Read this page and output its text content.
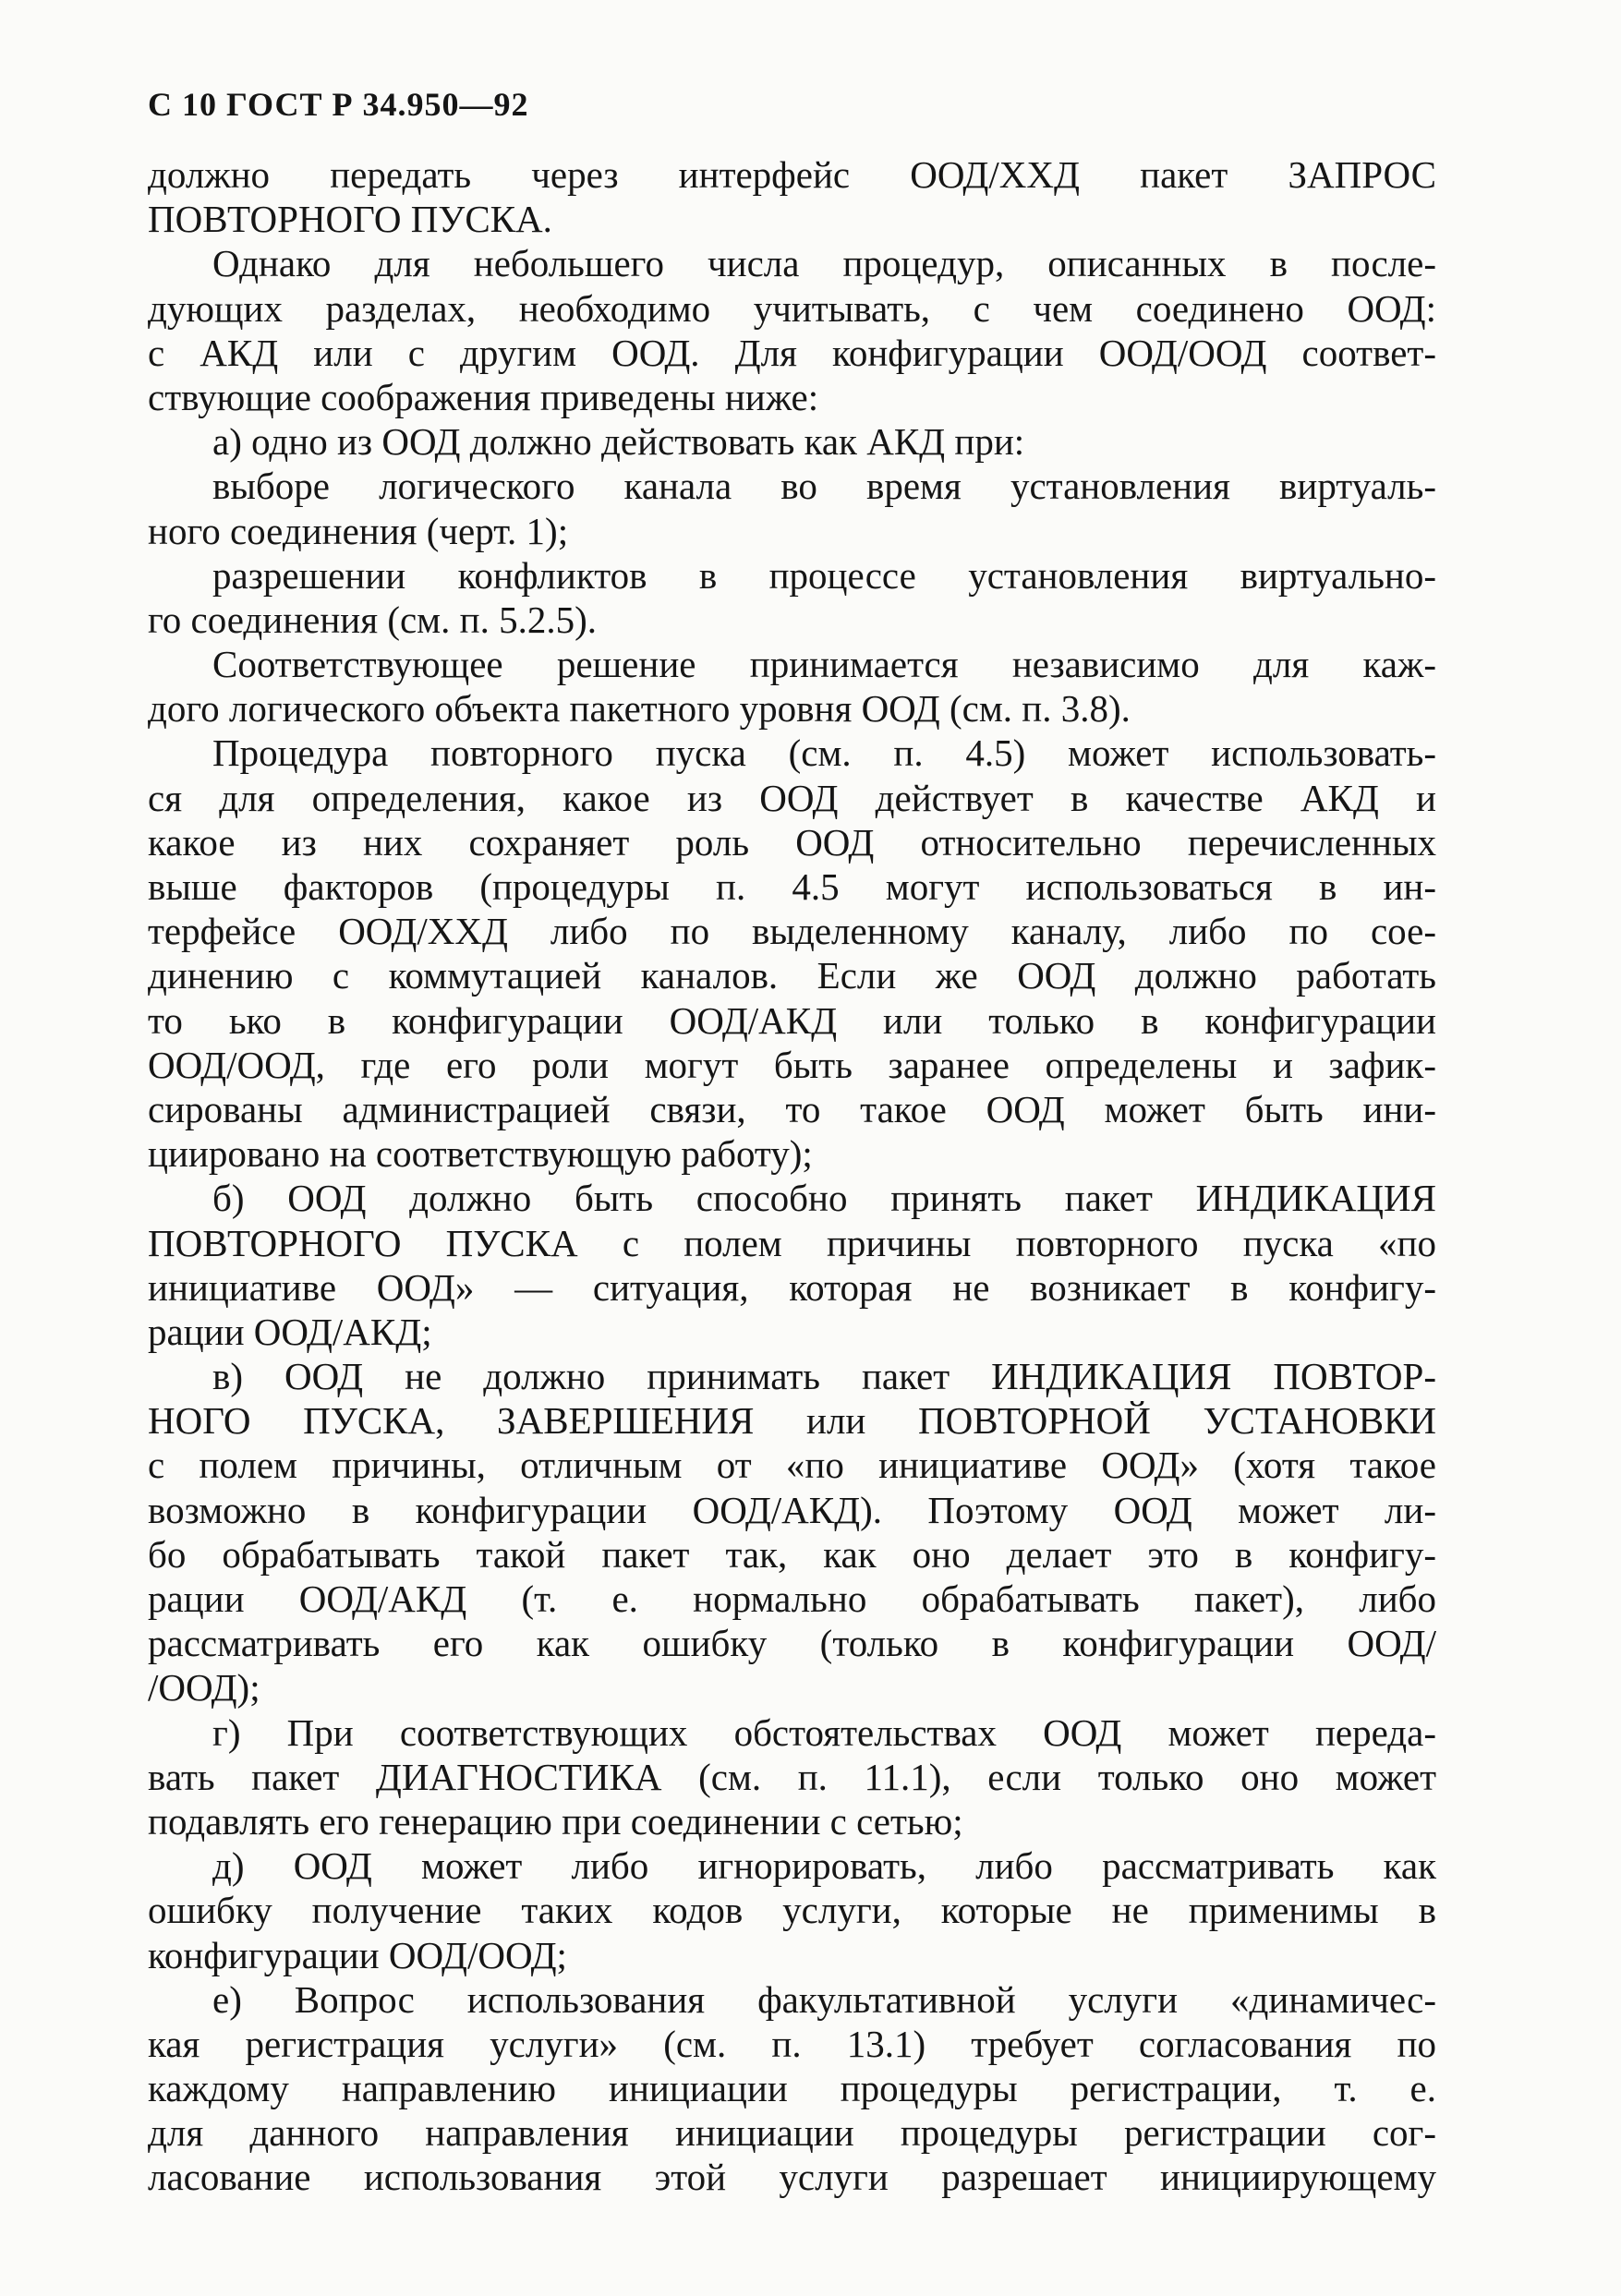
С 10 ГОСТ Р 34.950—92
должно передать через интерфейс ООД/ХХД пакет ЗАПРОС
ПОВТОРНОГО ПУСКА.
Однако для небольшего числа процедур, описанных в после-
дующих разделах, необходимо учитывать, с чем соединено ООД:
с АКД или с другим ООД. Для конфигурации ООД/ООД соответ-
ствующие соображения приведены ниже:
а) одно из ООД должно действовать как АКД при:
выборе логического канала во время установления виртуаль-
ного соединения (черт. 1);
разрешении конфликтов в процессе установления виртуально-
го соединения (см. п. 5.2.5).
Соответствующее решение принимается независимо для каж-
дого логического объекта пакетного уровня ООД (см. п. 3.8).
Процедура повторного пуска (см. п. 4.5) может использовать-
ся для определения, какое из ООД действует в качестве АКД и
какое из них сохраняет роль ООД относительно перечисленных
выше факторов (процедуры п. 4.5 могут использоваться в ин-
терфейсе ООД/ХХД либо по выделенному каналу, либо по сое-
динению с коммутацией каналов. Если же ООД должно работать
то ько в конфигурации ООД/АКД или только в конфигурации
ООД/ООД, где его роли могут быть заранее определены и зафик-
сированы администрацией связи, то такое ООД может быть ини-
циировано на соответствующую работу);
б) ООД должно быть способно принять пакет ИНДИКАЦИЯ
ПОВТОРНОГО ПУСКА с полем причины повторного пуска «по
инициативе ООД» — ситуация, которая не возникает в конфигу-
рации ООД/АКД;
в) ООД не должно принимать пакет ИНДИКАЦИЯ ПОВТОР-
НОГО ПУСКА, ЗАВЕРШЕНИЯ или ПОВТОРНОЙ УСТАНОВКИ
с полем причины, отличным от «по инициативе ООД» (хотя такое
возможно в конфигурации ООД/АКД). Поэтому ООД может ли-
бо обрабатывать такой пакет так, как оно делает это в конфигу-
рации ООД/АКД (т. е. нормально обрабатывать пакет), либо
рассматривать его как ошибку (только в конфигурации ООД/
/ООД);
г) При соответствующих обстоятельствах ООД может переда-
вать пакет ДИАГНОСТИКА (см. п. 11.1), если только оно может
подавлять его генерацию при соединении с сетью;
д) ООД может либо игнорировать, либо рассматривать как
ошибку получение таких кодов услуги, которые не применимы в
конфигурации ООД/ООД;
е) Вопрос использования факультативной услуги «динамичес-
кая регистрация услуги» (см. п. 13.1) требует согласования по
каждому направлению инициации процедуры регистрации, т. е.
для данного направления инициации процедуры регистрации сог-
ласование использования этой услуги разрешает инициирующему
